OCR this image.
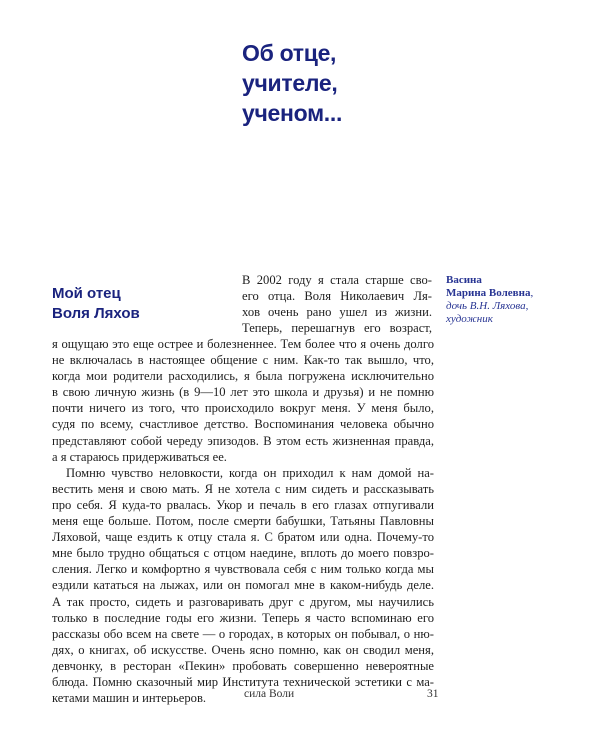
Об отце,
учителе,
ученом...
Мой отец
Воля Ляхов
Васина
Марина Волевна,
дочь В.Н. Ляхова,
художник
В 2002 году я стала старше сво-
его отца. Воля Николаевич Ля-
хов очень рано ушел из жизни.
Теперь, перешагнув его возраст,
я ощущаю это еще острее и болезненнее. Тем более что я очень долго
не включалась в настоящее общение с ним. Как-то так вышло, что,
когда мои родители расходились, я была погружена исключительно
в свою личную жизнь (в 9—10 лет это школа и друзья) и не помню
почти ничего из того, что происходило вокруг меня. У меня было,
судя по всему, счастливое детство. Воспоминания человека обычно
представляют собой череду эпизодов. В этом есть жизненная правда,
а я стараюсь придерживаться ее.
Помню чувство неловкости, когда он приходил к нам домой на-
вестить меня и свою мать. Я не хотела с ним сидеть и рассказывать
про себя. Я куда-то рвалась. Укор и печаль в его глазах отпугивали
меня еще больше. Потом, после смерти бабушки, Татьяны Павловны
Ляховой, чаще ездить к отцу стала я. С братом или одна. Почему-то
мне было трудно общаться с отцом наедине, вплоть до моего повзро-
сления. Легко и комфортно я чувствовала себя с ним только когда мы
ездили кататься на лыжах, или он помогал мне в каком-нибудь деле.
А так просто, сидеть и разговаривать друг с другом, мы научились
только в последние годы его жизни. Теперь я часто вспоминаю его
рассказы обо всем на свете — о городах, в которых он побывал, о ню-
дях, о книгах, об искусстве. Очень ясно помню, как он сводил меня,
девчонку, в ресторан «Пекин» пробовать совершенно невероятные
блюда. Помню сказочный мир Института технической эстетики с ма-
кетами машин и интерьеров.	сила Воли	31
